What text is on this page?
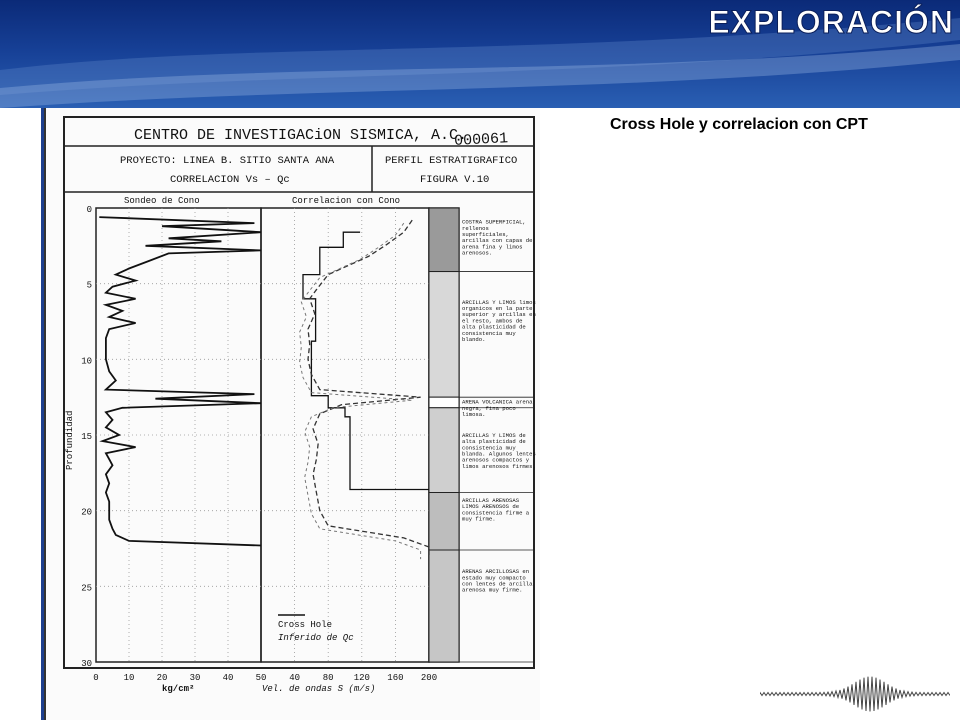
EXPLORACIÓN
CENTRO DE INVESTIGACiON SISMICA, A.C.
000061
PROYECTO: LINEA B. SITIO SANTA ANA
CORRELACION Vs – Qc
PERFIL ESTRATIGRAFICO
FIGURA V.10
Sondeo de Cono	Correlacion con Cono
COSTRA SUPERFICIAL, rellenos superficiales, arcillas con capas de arena fina y limos arenosos.
ARCILLAS Y LIMOS limos organicos en la parte superior y arcillas en el resto, ambos de alta plasticidad de consistencia muy blando.
ARENA VOLCANICA arena negra, fina poco limosa.
ARCILLAS Y LIMOS de alta plasticidad de consistencia muy blanda. Algunos lentes arenosos compactos y limos arenosos firmes.
ARCILLAS ARENOSAS LIMOS ARENOSOS de consistencia firme a muy firme.
ARENAS ARCILLOSAS en estado muy compacto con lentes de arcilla arenosa muy firme.
0
5
10
15
20
25
30
0	10 20 30 40 50	40	80 120 160 200
Profundidad
kg/cm²	Vel. de ondas S (m/s)
Cross Hole
Inferido de Qc
Cross Hole y correlacion con CPT
